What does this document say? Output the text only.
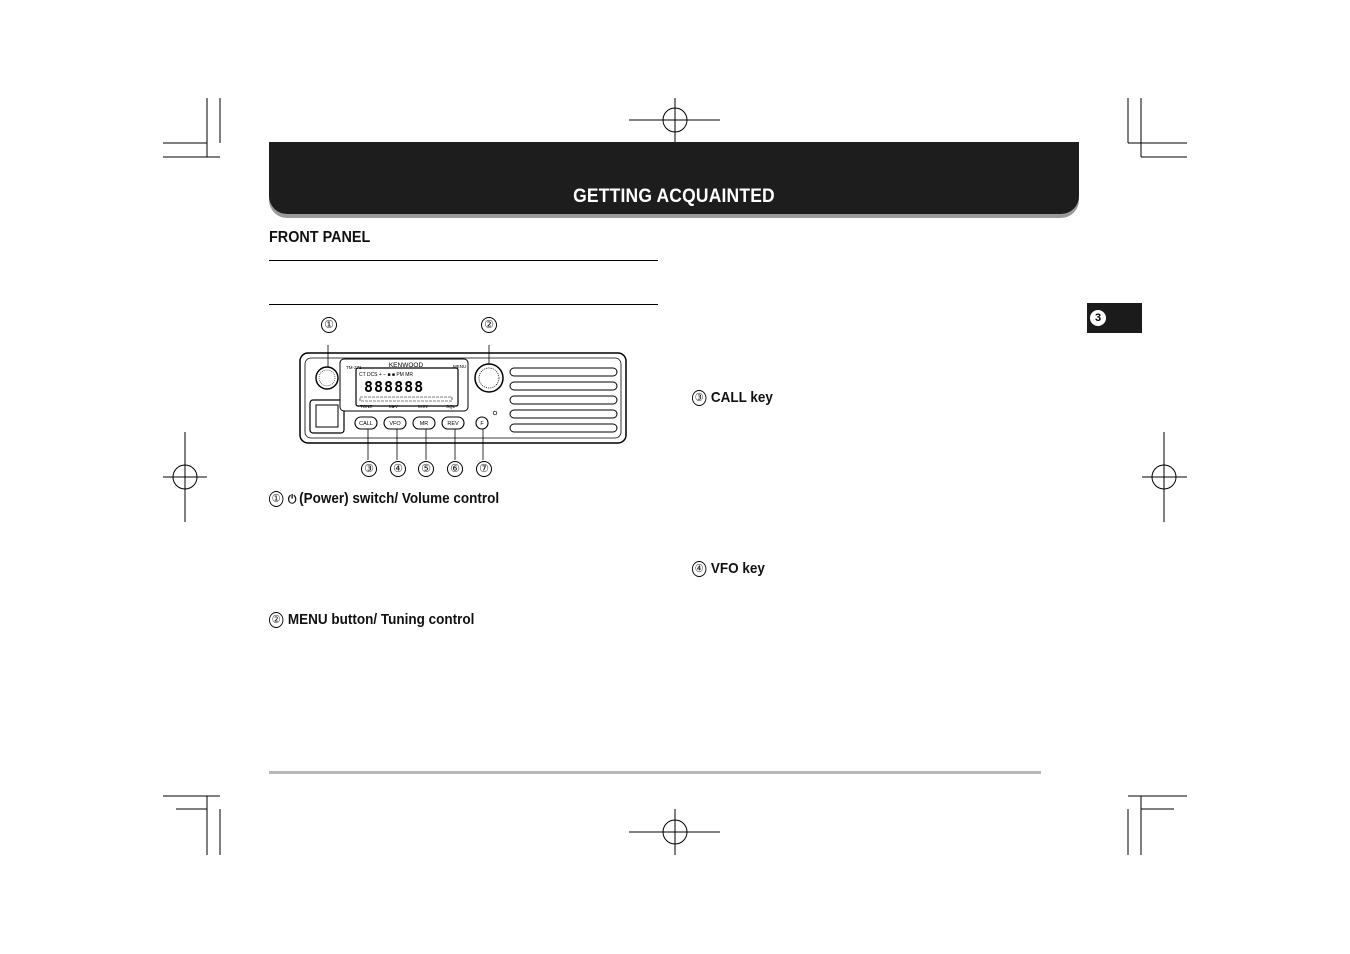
GETTING ACQUAINTED
FRONT PANEL
3
KENWOOD
TM-271	MENU
CT DCS + − ■ ■ PM MR
888888
TONE	M▸V	M.IN	SQL
CALL	VFO	MR	REV	F
①	②
③ ④ ⑤ ⑥ ⑦
① ⏻ (Power) switch/ Volume control
② MENU button/ Tuning control
③ CALL key
④ VFO key
